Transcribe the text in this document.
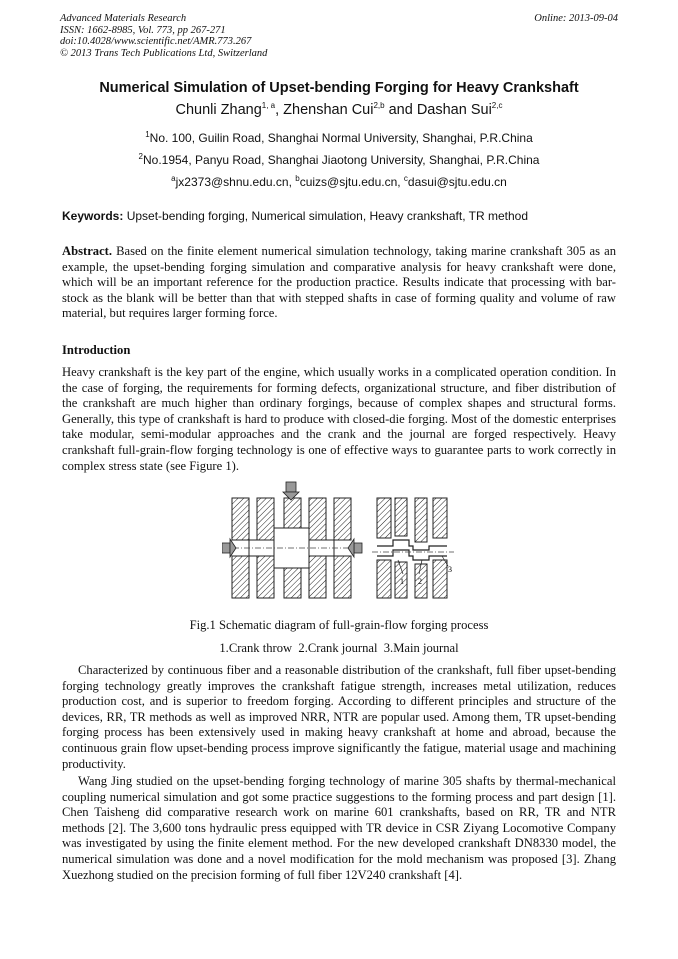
Advanced Materials Research
ISSN: 1662-8985, Vol. 773, pp 267-271
doi:10.4028/www.scientific.net/AMR.773.267
© 2013 Trans Tech Publications Ltd, Switzerland
Online: 2013-09-04
Numerical Simulation of Upset-bending Forging for Heavy Crankshaft
Chunli Zhang$^{1, a}$, Zhenshan Cui$^{2,b}$ and Dashan Sui$^{2,c}$
$^1$No. 100, Guilin Road, Shanghai Normal University, Shanghai, P.R.China
$^2$No.1954, Panyu Road, Shanghai Jiaotong University, Shanghai, P.R.China
$^a$jx2373@shnu.edu.cn, $^b$cuizs@sjtu.edu.cn, $^c$dasui@sjtu.edu.cn
Keywords: Upset-bending forging, Numerical simulation, Heavy crankshaft, TR method
Abstract. Based on the finite element numerical simulation technology, taking marine crankshaft 305 as an example, the upset-bending forging simulation and comparative analysis for heavy crankshaft were done, which will be an important reference for the production practice. Results indicate that processing with bar-stock as the blank will be better than that with stepped shafts in case of forming quality and volume of raw material, but requires larger forming force.
Introduction
Heavy crankshaft is the key part of the engine, which usually works in a complicated operation condition. In the case of forging, the requirements for forming defects, organizational structure, and fiber distribution of the crankshaft are much higher than ordinary forgings, because of complex shapes and structural forms. Generally, this type of crankshaft is hard to produce with closed-die forging. Most of the domestic enterprises take modular, semi-modular approaches and the crank and the journal are forged respectively. Heavy crankshaft full-grain-flow forging technology is one of effective ways to guarantee parts to work correctly in complex stress state (see Figure 1).
1 2
3
Fig.1 Schematic diagram of full-grain-flow forging process
1.Crank throw  2.Crank journal  3.Main journal
Characterized by continuous fiber and a reasonable distribution of the crankshaft, full fiber upset-bending forging technology greatly improves the crankshaft fatigue strength, increases metal utilization, reduces production cost, and is superior to freedom forging. According to different principles and structure of the devices, RR, TR methods as well as improved NRR, NTR are popular used. Among them, TR upset-bending forging process has been extensively used in making heavy crankshaft at home and abroad, because the continuous grain flow upset-bending process improve significantly the fatigue, material usage and machining productivity.
Wang Jing studied on the upset-bending forging technology of marine 305 shafts by thermal-mechanical coupling numerical simulation and got some practice suggestions to the forming process and part design [1]. Chen Taisheng did comparative research work on marine 601 crankshafts, based on RR, TR and NTR methods [2]. The 3,600 tons hydraulic press equipped with TR device in CSR Ziyang Locomotive Company was investigated by using the finite element method. For the new developed crankshaft DN8330 model, the numerical simulation was done and a novel modification for the mold mechanism was proposed [3]. Zhang Xuezhong studied on the precision forming of full fiber 12V240 crankshaft [4].
